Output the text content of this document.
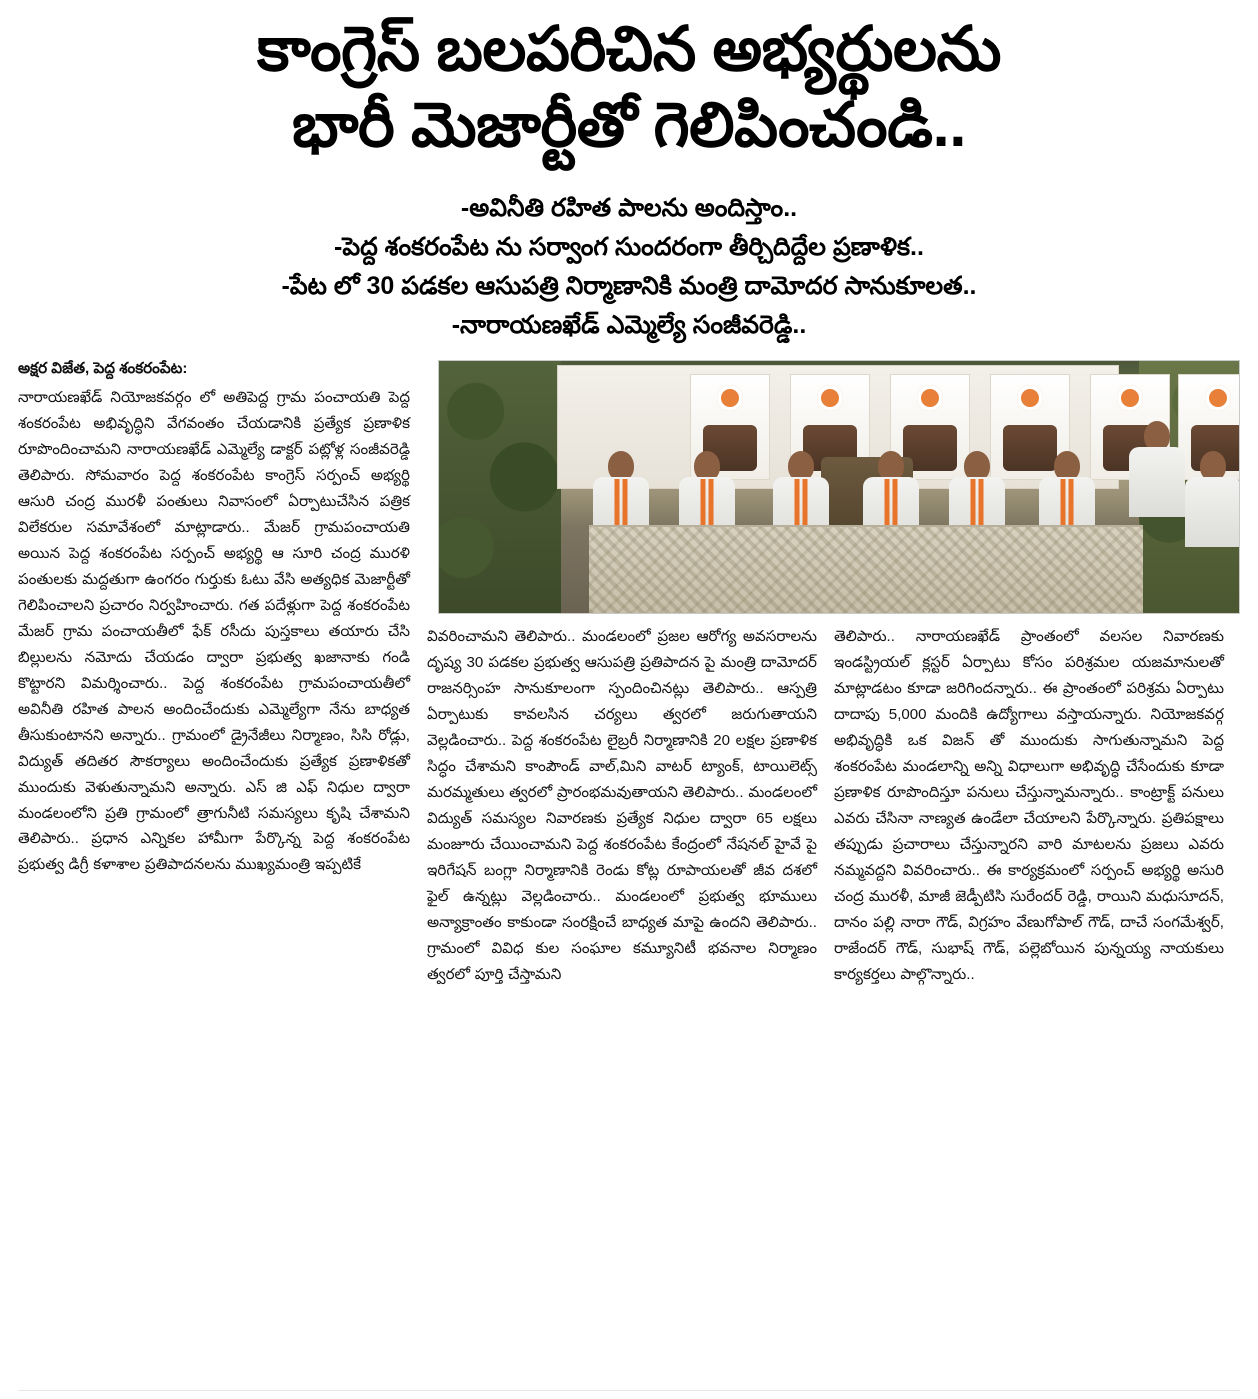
కాంగ్రెస్ బలపరిచిన అభ్యర్థులను
భారీ మెజార్టీతో గెలిపించండి..
-అవినీతి రహిత పాలను అందిస్తాం..
-పెద్ద శంకరంపేట ను సర్వాంగ సుందరంగా తీర్చిదిద్దేల ప్రణాళిక..
-పేట లో 30 పడకల ఆసుపత్రి నిర్మాణానికి మంత్రి దామోదర సానుకూలత..
-నారాయణఖేడ్ ఎమ్మెల్యే సంజీవరెడ్డి..
అక్షర విజేత, పెద్ద శంకరంపేట:

నారాయణఖేడ్ నియోజకవర్గం లో అతిపెద్ద గ్రామ పంచాయతి పెద్ద శంకరంపేట అభివృద్ధిని వేగవంతం చేయడానికి ప్రత్యేక ప్రణాళిక రూపొందించామని నారాయణఖేడ్ ఎమ్మెల్యే డాక్టర్ పట్లోళ్ల సంజీవరెడ్డి తెలిపారు. సోమవారం పెద్ద శంకరంపేట కాంగ్రెస్ సర్పంచ్ అభ్యర్థి ఆసురి చంద్ర మురళీ పంతులు నివాసంలో ఏర్పాటుచేసిన పత్రిక విలేకరుల సమావేశంలో మాట్లాడారు.. మేజర్ గ్రామపంచాయతి అయిన పెద్ద శంకరంపేట సర్పంచ్ అభ్యర్థి ఆ సూరి చంద్ర మురళి పంతులకు మద్దతుగా ఉంగరం గుర్తుకు ఓటు వేసి అత్యధిక మెజార్టీతో గెలిపించాలని ప్రచారం నిర్వహించారు. గత పదేళ్లుగా పెద్ద శంకరంపేట మేజర్ గ్రామ పంచాయతీలో ఫేక్ రసీదు పుస్తకాలు తయారు చేసి బిల్లులను నమోదు చేయడం ద్వారా ప్రభుత్వ ఖజానాకు గండి కొట్టారని విమర్శించారు.. పెద్ద శంకరంపేట గ్రామపంచాయతీలో అవినీతి రహిత పాలన అందించేందుకు ఎమ్మెల్యేగా నేను బాధ్యత తీసుకుంటానని అన్నారు.. గ్రామంలో డ్రైనేజీలు నిర్మాణం, సిసి రోడ్లు, విద్యుత్ తదితర సౌకర్యాలు అందించేందుకు ప్రత్యేక ప్రణాళికతో ముందుకు వెళుతున్నామని అన్నారు. ఎస్ జి ఎఫ్ నిధుల ద్వారా మండలంలోని ప్రతి గ్రామంలో త్రాగునీటి సమస్యలు కృషి చేశామని తెలిపారు.. ప్రధాన ఎన్నికల హామీగా పేర్కొన్న పెద్ద శంకరంపేట ప్రభుత్వ డిగ్రీ కళాశాల ప్రతిపాదనలను ముఖ్యమంత్రి ఇప్పటికే

వివరించామని తెలిపారు.. మండలంలో ప్రజల ఆరోగ్య అవసరాలను దృష్య 30 పడకల ప్రభుత్వ ఆసుపత్రి ప్రతిపాదన పై మంత్రి దామోదర్ రాజనర్సింహ సానుకూలంగా స్పందించినట్లు తెలిపారు.. ఆస్పత్రి ఏర్పాటుకు కావలసిన చర్యలు త్వరలో జరుగుతాయని వెల్లడించారు.. పెద్ద శంకరంపేట లైబ్రరీ నిర్మాణానికి 20 లక్షల ప్రణాళిక సిద్ధం చేశామని కాంపౌండ్ వాల్,మిని వాటర్ ట్యాంక్, టాయిలెట్స్ మరమ్మతులు త్వరలో ప్రారంభమవుతాయని తెలిపారు.. మండలంలో విద్యుత్ సమస్యల నివారణకు ప్రత్యేక నిధుల ద్వారా 65 లక్షలు మంజూరు చేయించామని పెద్ద శంకరంపేట కేంద్రంలో నేషనల్ హైవే పై ఇరిగేషన్ బంగ్లా నిర్మాణానికి రెండు కోట్ల రూపాయలతో జీవ దశలో ఫైల్ ఉన్నట్లు వెల్లడించారు.. మండలంలో ప్రభుత్వ భూములు అన్యాక్రాంతం కాకుండా సంరక్షించే బాధ్యత మాపై ఉందని తెలిపారు.. గ్రామంలో వివిధ కుల సంఘాల కమ్యూనిటీ భవనాల నిర్మాణం త్వరలో పూర్తి చేస్తామని

తెలిపారు.. నారాయణఖేడ్ ప్రాంతంలో వలసల నివారణకు ఇండస్ట్రియల్ క్లస్టర్ ఏర్పాటు కోసం పరిశ్రమల యజమానులతో మాట్లాడటం కూడా జరిగిందన్నారు.. ఈ ప్రాంతంలో పరిశ్రమ ఏర్పాటు దాదాపు 5,000 మందికి ఉద్యోగాలు వస్తాయన్నారు. నియోజకవర్గ అభివృద్ధికి ఒక విజన్ తో ముందుకు సాగుతున్నామని పెద్ద శంకరంపేట మండలాన్ని అన్ని విధాలుగా అభివృద్ధి చేసేందుకు కూడా ప్రణాళిక రూపొందిస్తూ పనులు చేస్తున్నామన్నారు.. కాంట్రాక్ట్ పనులు ఎవరు చేసినా నాణ్యత ఉండేలా చేయాలని పేర్కొన్నారు. ప్రతిపక్షాలు తప్పుడు ప్రచారాలు చేస్తున్నారని వారి మాటలను ప్రజలు ఎవరు నమ్మవద్దని వివరించారు.. ఈ కార్యక్రమంలో సర్పంచ్ అభ్యర్థి అసురి చంద్ర మురళీ, మాజీ జెడ్పీటిసి సురేందర్ రెడ్డి, రాయిని మధుసూదన్, దానం పల్లి నారా గౌడ్, విగ్రహం వేణుగోపాల్ గౌడ్, దాచే సంగమేశ్వర్, రాజేందర్ గౌడ్, సుభాష్ గౌడ్, పల్లెబోయిన పున్నయ్య నాయకులు కార్యకర్తలు పాల్గొన్నారు..
